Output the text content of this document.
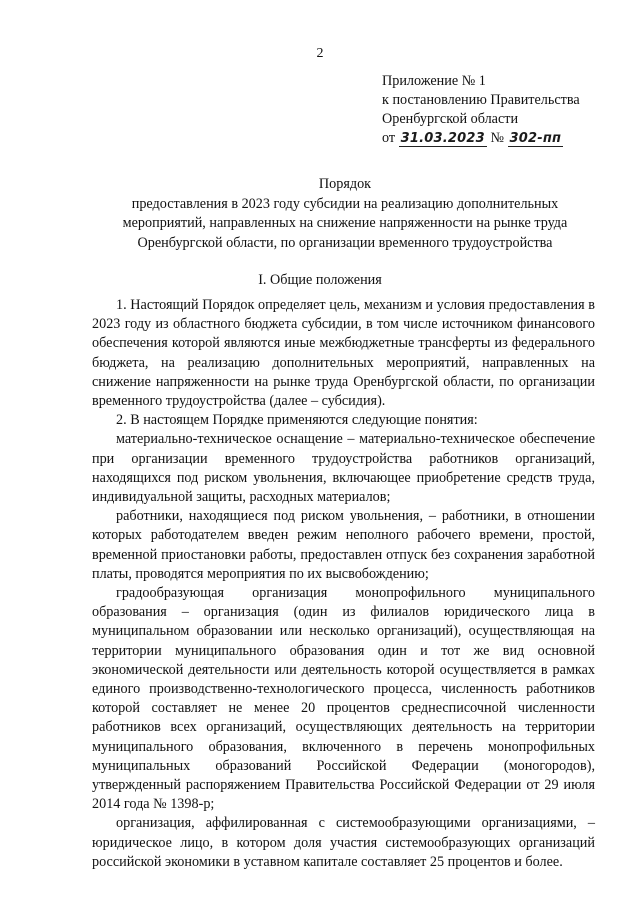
2
Приложение № 1
к постановлению Правительства
Оренбургской области
от 31.03.2023 № 302-пп
Порядок
предоставления в 2023 году субсидии на реализацию дополнительных
мероприятий, направленных на снижение напряженности на рынке труда
Оренбургской области, по организации временного трудоустройства
I. Общие положения

1. Настоящий Порядок определяет цель, механизм и условия предоставления в 2023 году из областного бюджета субсидии, в том числе источником финансового обеспечения которой являются иные межбюджетные трансферты из федерального бюджета, на реализацию дополнительных мероприятий, направленных на снижение напряженности на рынке труда Оренбургской области, по организации временного трудоустройства (далее – субсидия).

2. В настоящем Порядке применяются следующие понятия:

материально-техническое оснащение – материально-техническое обеспечение при организации временного трудоустройства работников организаций, находящихся под риском увольнения, включающее приобретение средств труда, индивидуальной защиты, расходных материалов;

работники, находящиеся под риском увольнения, – работники, в отношении которых работодателем введен режим неполного рабочего времени, простой, временной приостановки работы, предоставлен отпуск без сохранения заработной платы, проводятся мероприятия по их высвобождению;

градообразующая организация монопрофильного муниципального образования – организация (один из филиалов юридического лица в муниципальном образовании или несколько организаций), осуществляющая на территории муниципального образования один и тот же вид основной экономической деятельности или деятельность которой осуществляется в рамках единого производственно-технологического процесса, численность работников которой составляет не менее 20 процентов среднесписочной численности работников всех организаций, осуществляющих деятельность на территории муниципального образования, включенного в перечень монопрофильных муниципальных образований Российской Федерации (моногородов), утвержденный распоряжением Правительства Российской Федерации от 29 июля 2014 года № 1398-р;

организация, аффилированная с системообразующими организациями, – юридическое лицо, в котором доля участия системообразующих организаций российской экономики в уставном капитале составляет 25 процентов и более.
